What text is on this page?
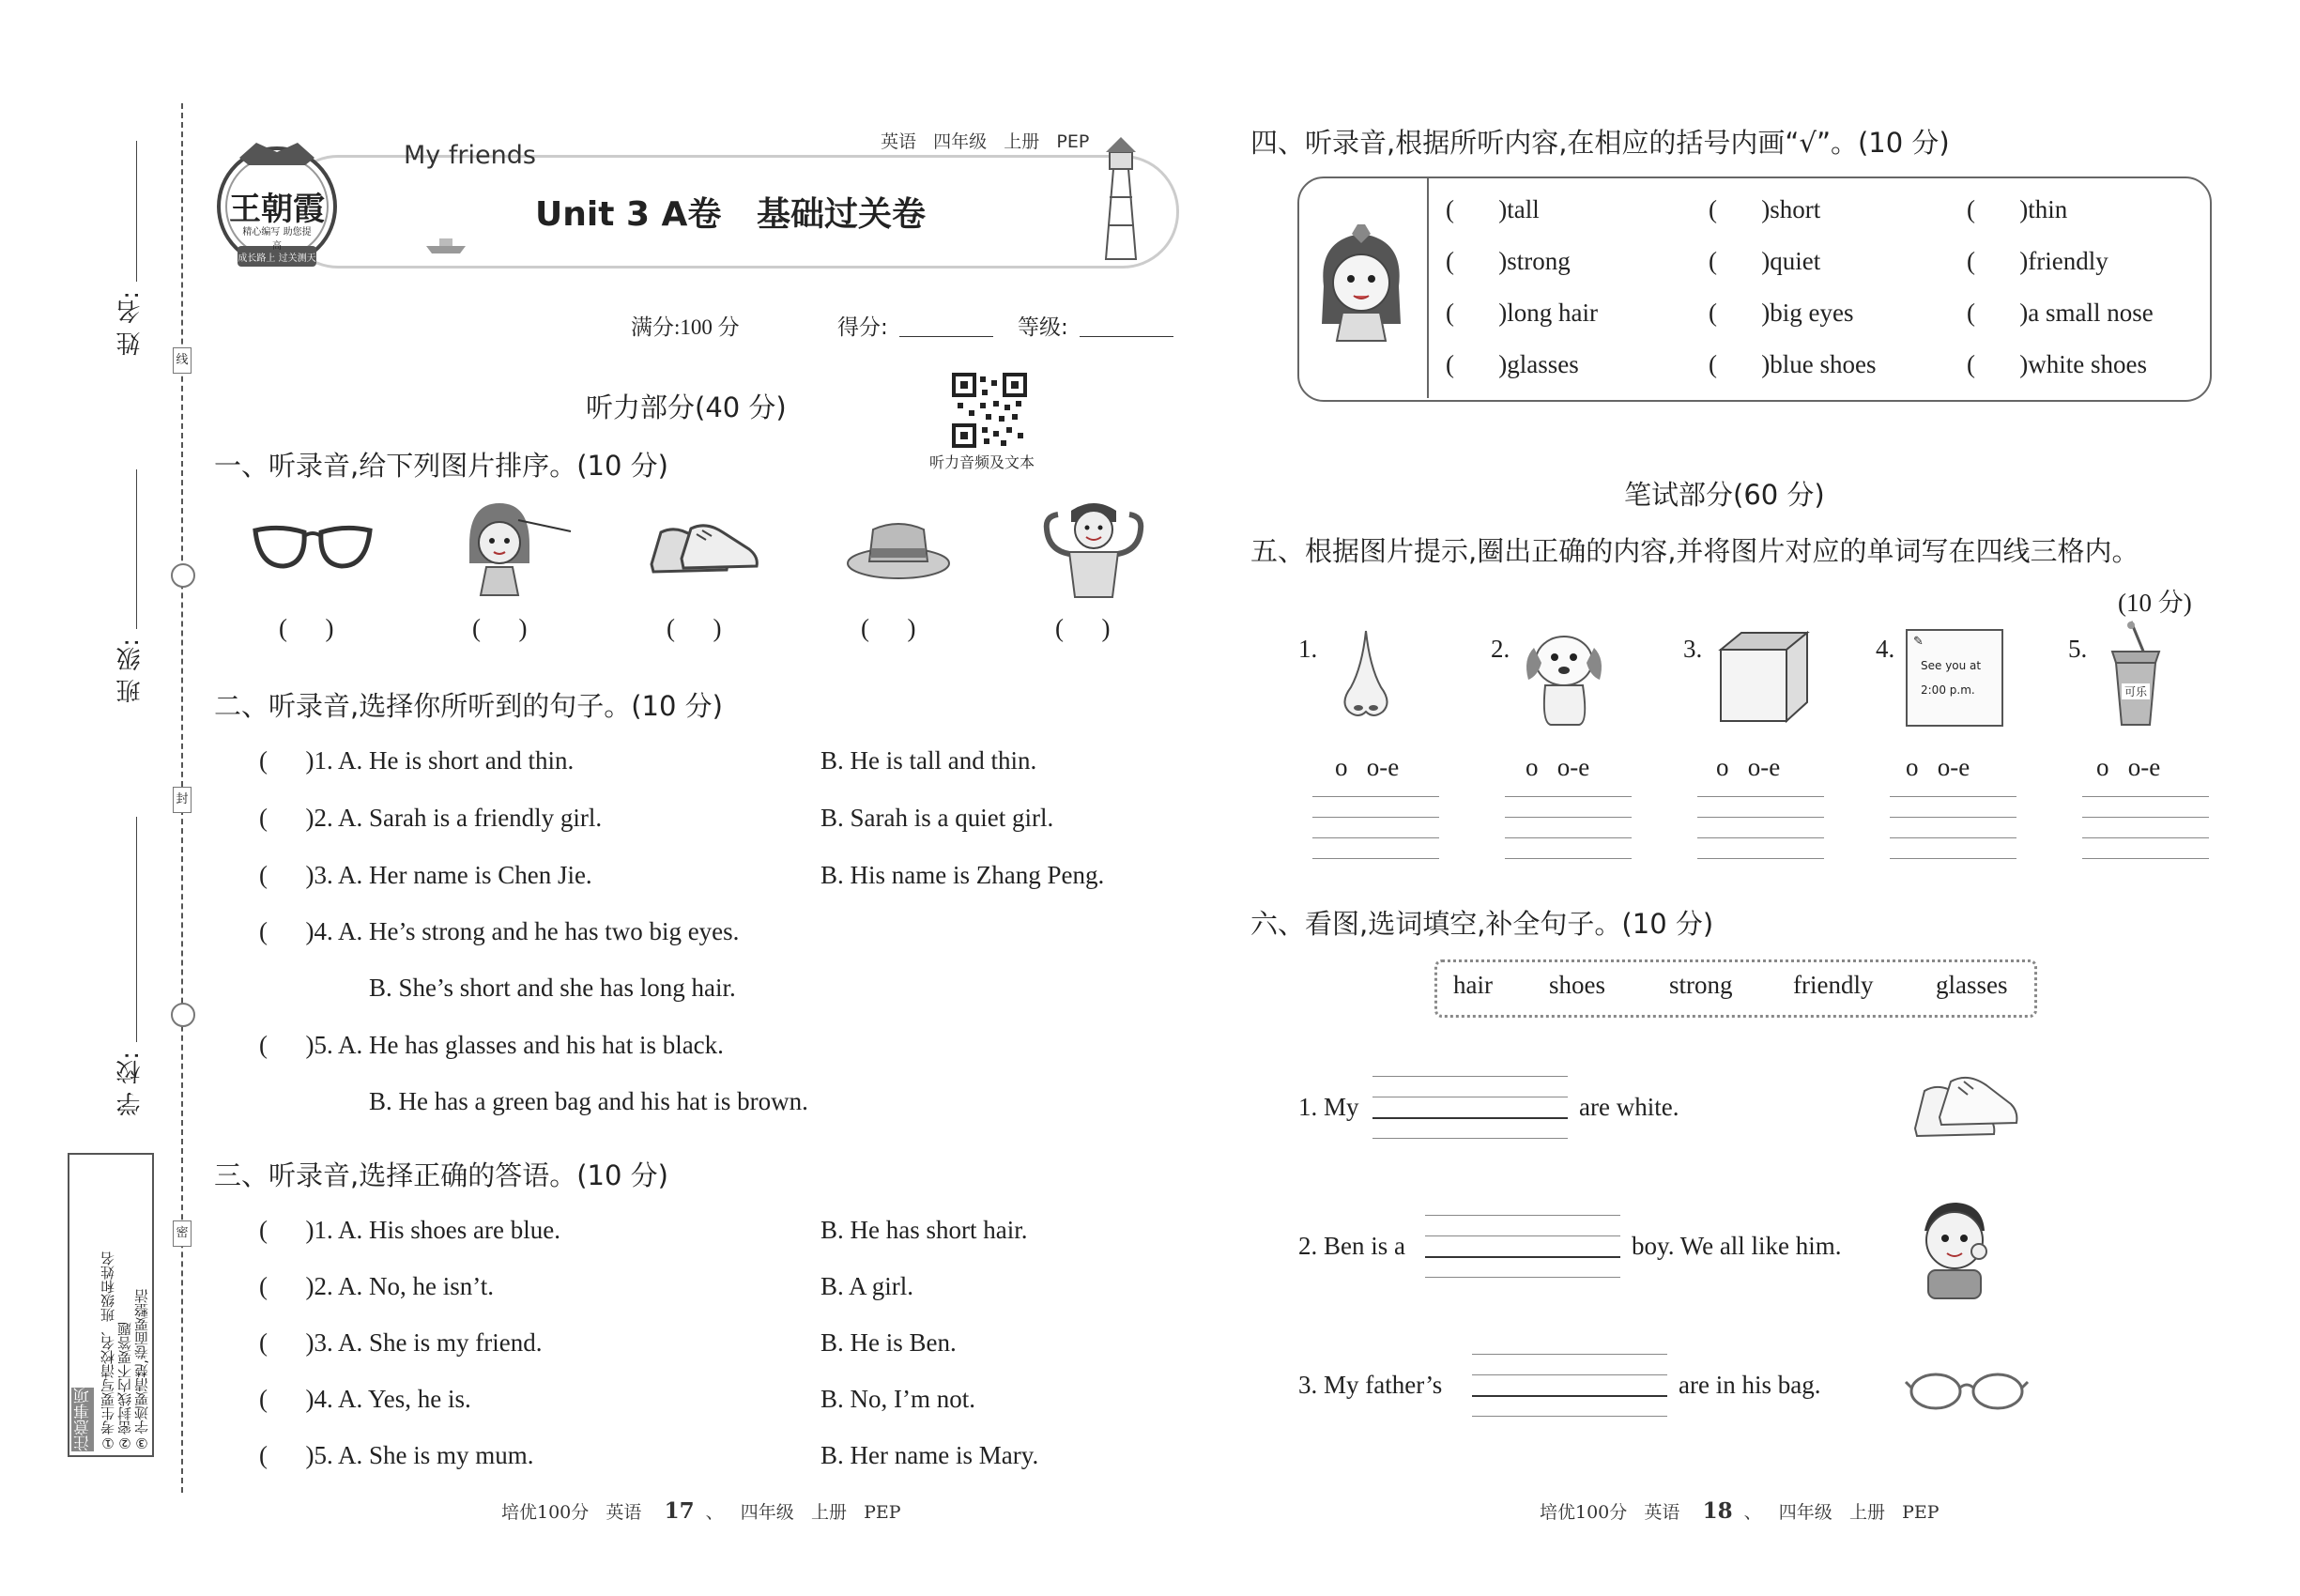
线
封
密
姓 名:
班 级:
学 校:
注意事项 ①考生要写清校名、班级和姓名 ②密封线内不要答题 ③字迹要清楚,卷面要整洁
王朝霞
精心编写 助您提高
成长路上 过关测天
My friends	英语 四年级 上册 PEP
Unit 3 A卷   基础过关卷
满分:100 分	得分:	等级:
听力部分(40 分)
听力音频及文本
一、听录音,给下列图片排序。(10 分)
(      )	(      )	(      )	(      )	(      )
二、听录音,选择你所听到的句子。(10 分)
(      )1. A. He is short and thin.	B. He is tall and thin.
(      )2. A. Sarah is a friendly girl.	B. Sarah is a quiet girl.
(      )3. A. Her name is Chen Jie.	B. His name is Zhang Peng.
(      )4. A. He’s strong and he has two big eyes.
B. She’s short and she has long hair.
(      )5. A. He has glasses and his hat is black.
B. He has a green bag and his hat is brown.
三、听录音,选择正确的答语。(10 分)
(      )1. A. His shoes are blue.	B. He has short hair.
(      )2. A. No, he isn’t.	B. A girl.
(      )3. A. She is my friend.	B. He is Ben.
(      )4. A. Yes, he is.	B. No, I’m not.
(      )5. A. She is my mum.	B. Her name is Mary.
培优100分 英语 17  、   四年级 上册 PEP
四、听录音,根据所听内容,在相应的括号内画“√”。(10 分)
(       )tall	(       )short	(       )thin
(       )strong	(       )quiet	(       )friendly
(       )long hair	(       )big eyes	(       )a small nose
(       )glasses	(       )blue shoes	(       )white shoes
笔试部分(60 分)
五、根据图片提示,圈出正确的内容,并将图片对应的单词写在四线三格内。
(10 分)
1.
o   o-e
2.
o   o-e
3.
o   o-e
4. ✎
See you at
2:00 p.m.
o   o-e
5.
可乐
o   o-e
六、看图,选词填空,补全句子。(10 分)
hair shoes	strong friendly glasses
1. My	are white.
2. Ben is a	boy. We all like him.
3. My father’s	are in his bag.
培优100分 英语 18  、   四年级 上册 PEP
